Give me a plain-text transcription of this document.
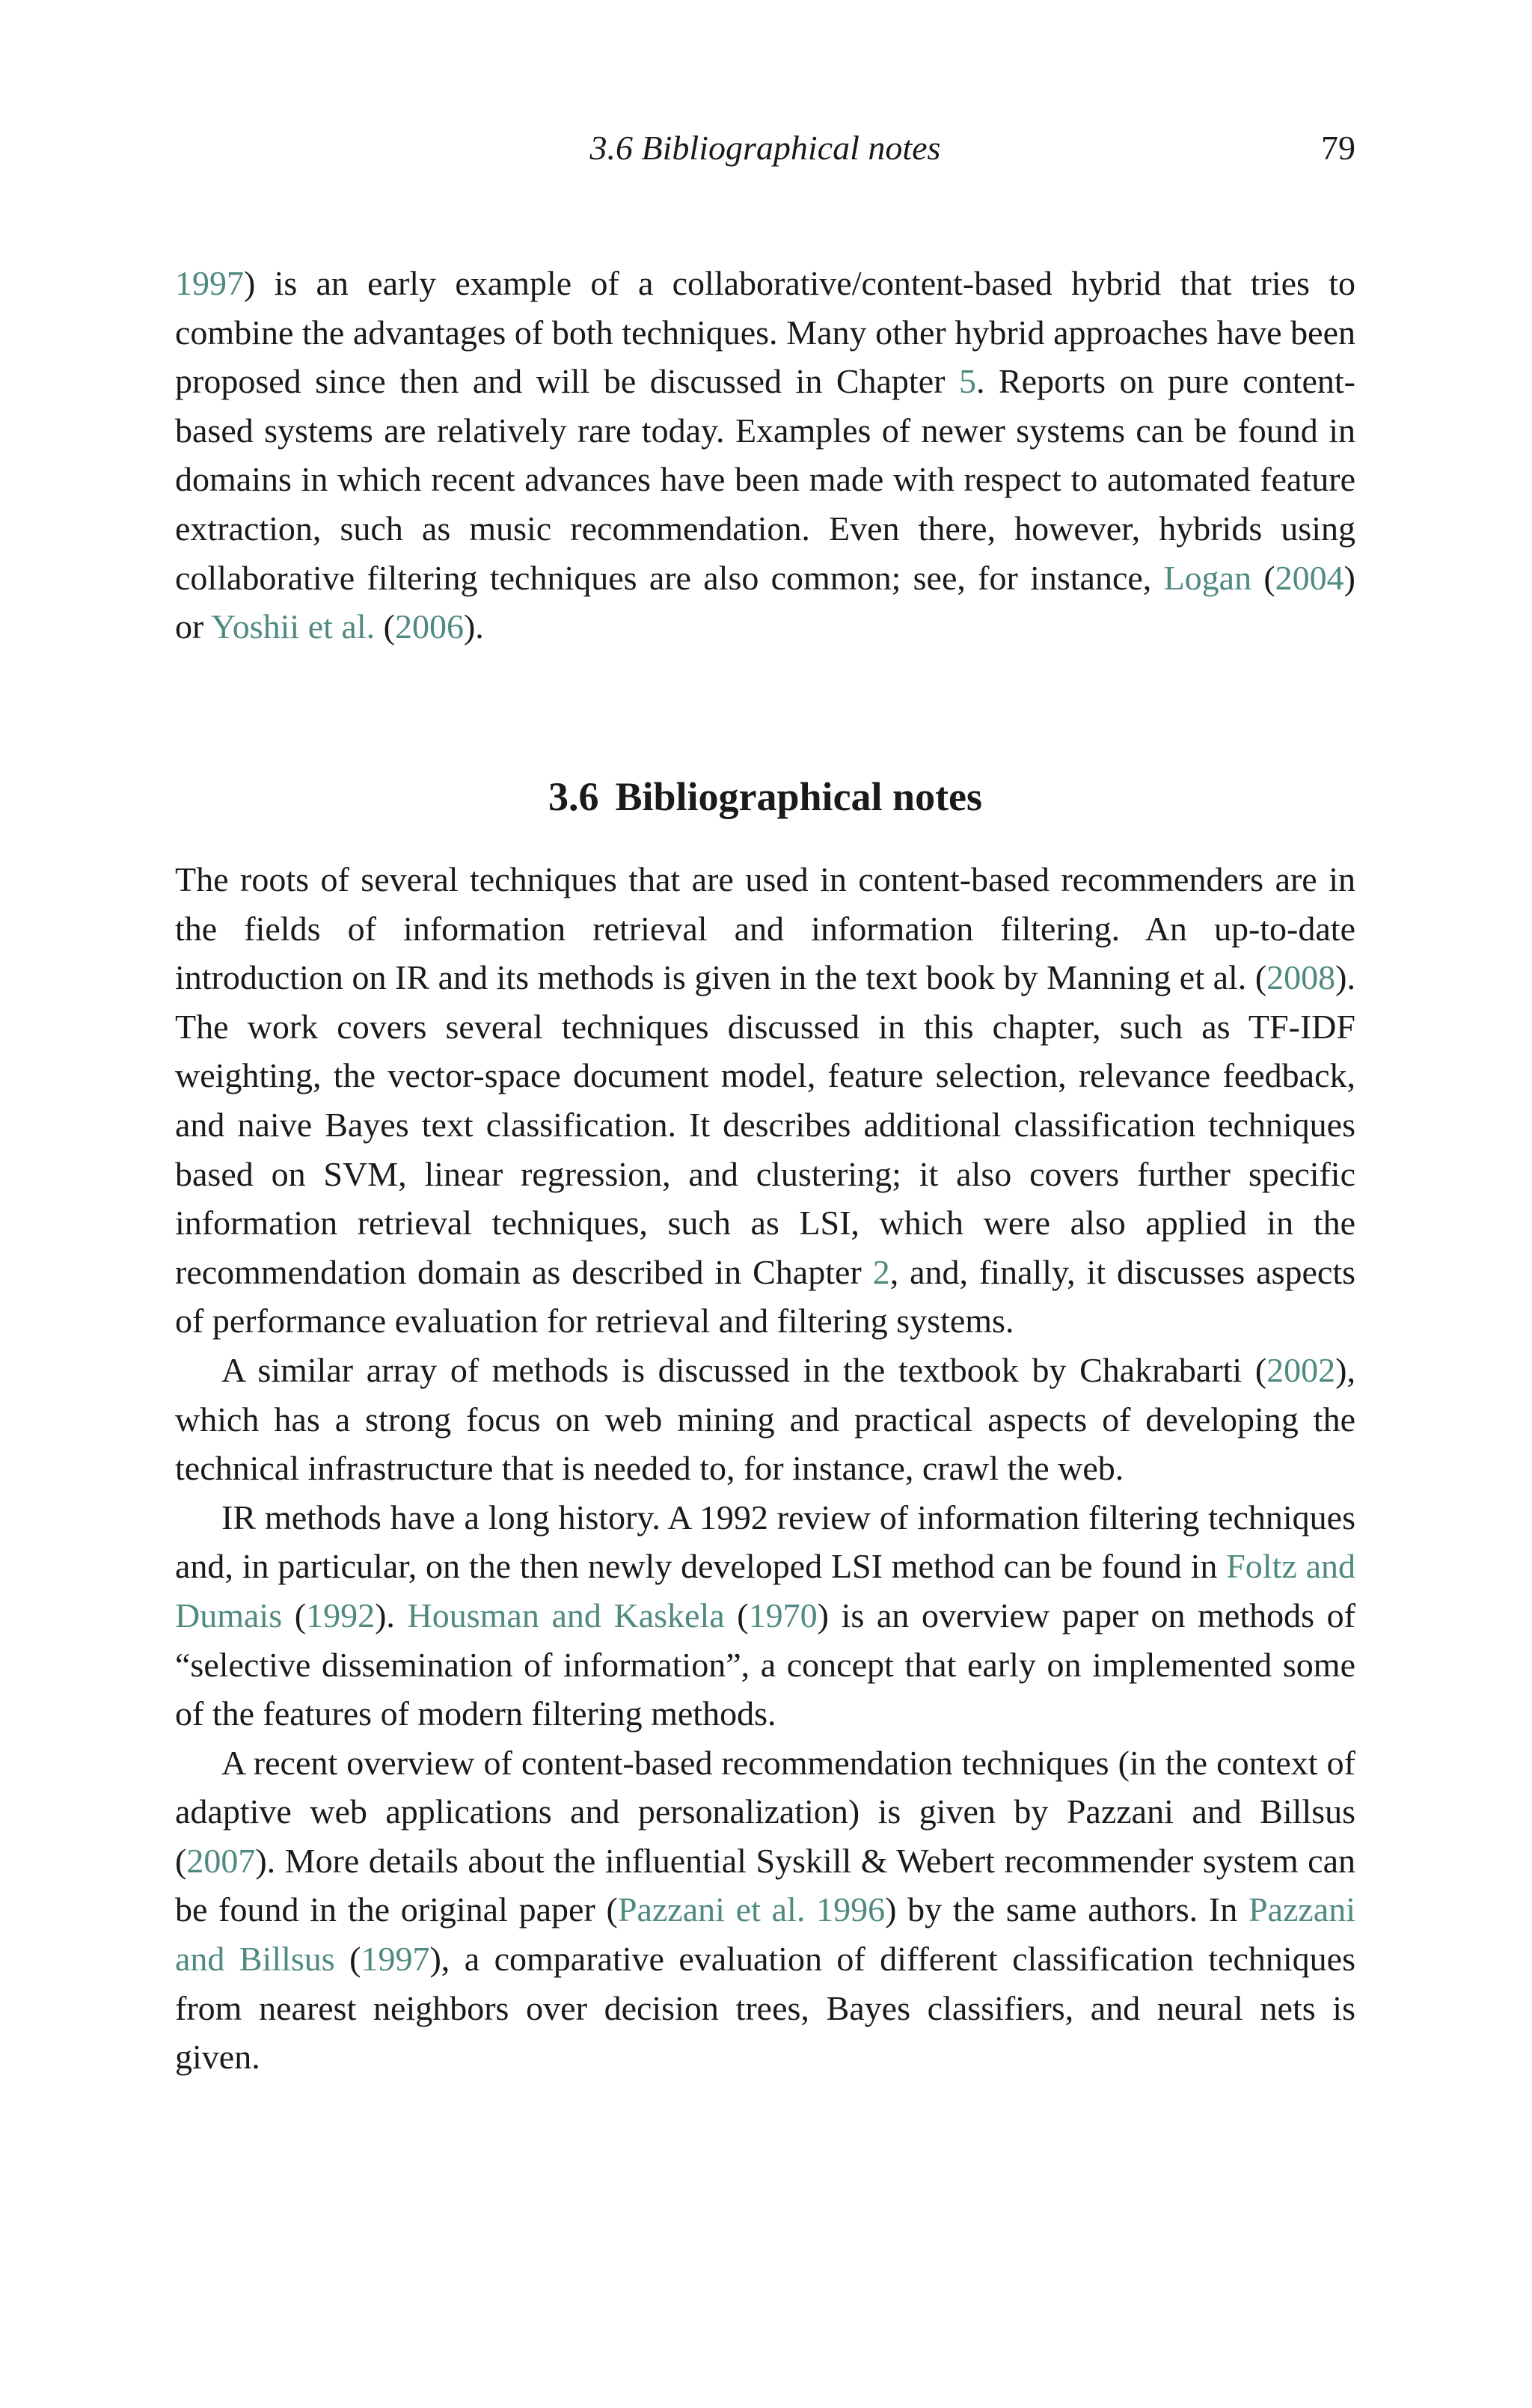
3.6 Bibliographical notes	79

1997) is an early example of a collaborative/content-based hybrid that tries to combine the advantages of both techniques. Many other hybrid approaches have been proposed since then and will be discussed in Chapter 5. Reports on pure content-based systems are relatively rare today. Examples of newer systems can be found in domains in which recent advances have been made with respect to automated feature extraction, such as music recommendation. Even there, however, hybrids using collaborative filtering techniques are also common; see, for instance, Logan (2004) or Yoshii et al. (2006).

3.6 Bibliographical notes

The roots of several techniques that are used in content-based recommenders are in the fields of information retrieval and information filtering. An up-to-date introduction on IR and its methods is given in the text book by Manning et al. (2008). The work covers several techniques discussed in this chapter, such as TF-IDF weighting, the vector-space document model, feature selection, relevance feedback, and naive Bayes text classification. It describes additional classification techniques based on SVM, linear regression, and clustering; it also covers further specific information retrieval techniques, such as LSI, which were also applied in the recommendation domain as described in Chapter 2, and, finally, it discusses aspects of performance evaluation for retrieval and filtering systems.

A similar array of methods is discussed in the textbook by Chakrabarti (2002), which has a strong focus on web mining and practical aspects of developing the technical infrastructure that is needed to, for instance, crawl the web.

IR methods have a long history. A 1992 review of information filtering techniques and, in particular, on the then newly developed LSI method can be found in Foltz and Dumais (1992). Housman and Kaskela (1970) is an overview paper on methods of “selective dissemination of information”, a concept that early on implemented some of the features of modern filtering methods.

A recent overview of content-based recommendation techniques (in the context of adaptive web applications and personalization) is given by Pazzani and Billsus (2007). More details about the influential Syskill & Webert recommender system can be found in the original paper (Pazzani et al. 1996) by the same authors. In Pazzani and Billsus (1997), a comparative evaluation of different classification techniques from nearest neighbors over decision trees, Bayes classifiers, and neural nets is given.
